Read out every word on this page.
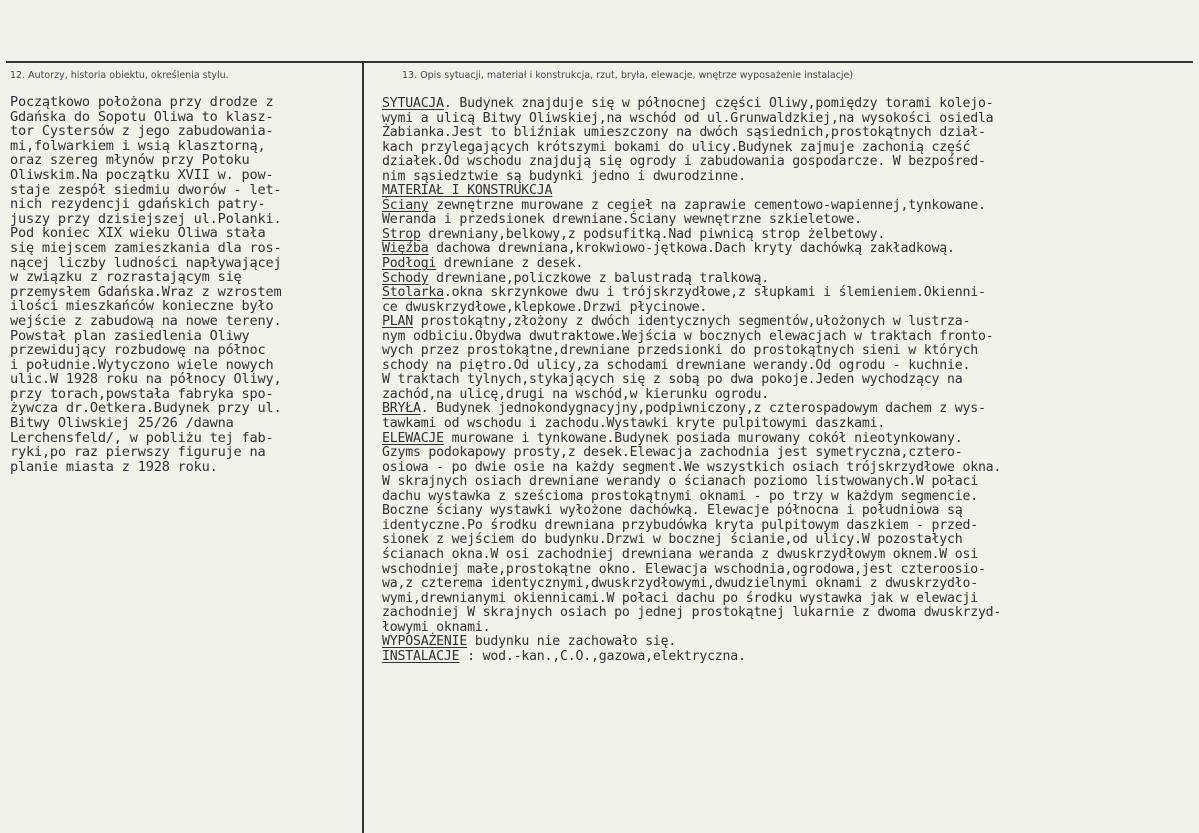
12. Autorzy, historia obiektu, określenia stylu.	13. Opis sytuacji, materiał i konstrukcja, rzut, bryła, elewacje, wnętrze wyposażenie instalacje)
Początkowo położona przy drodze z
Gdańska do Sopotu Oliwa to klasz-
tor Cystersów z jego zabudowania-
mi,folwarkiem i wsią klasztorną,
oraz szereg młynów przy Potoku
Oliwskim.Na początku XVII w. pow-
staje zespół siedmiu dworów - let-
nich rezydencji gdańskich patry-
juszy przy dzisiejszej ul.Polanki.
Pod koniec XIX wieku Oliwa stała
się miejscem zamieszkania dla ros-
nącej liczby ludności napływającej
w związku z rozrastającym się
przemysłem Gdańska.Wraz z wzrostem
ilości mieszkańców konieczne było
wejście z zabudową na nowe tereny.
Powstał plan zasiedlenia Oliwy
przewidujący rozbudowę na północ
i południe.Wytyczono wiele nowych
ulic.W 1928 roku na północy Oliwy,
przy torach,powstała fabryka spo-
żywcza dr.Oetkera.Budynek przy ul.
Bitwy Oliwskiej 25/26 /dawna
Lerchensfeld/, w pobliżu tej fab-
ryki,po raz pierwszy figuruje na
planie miasta z 1928 roku.
SYTUACJA. Budynek znajduje się w północnej części Oliwy,pomiędzy torami kolejo-
wymi a ulicą Bitwy Oliwskiej,na wschód od ul.Grunwaldzkiej,na wysokości osiedla
Żabianka.Jest to bliźniak umieszczony na dwóch sąsiednich,prostokątnych dział-
kach przylegających krótszymi bokami do ulicy.Budynek zajmuje zachonią część
działek.Od wschodu znajdują się ogrody i zabudowania gospodarcze. W bezpośred-
nim sąsiedztwie są budynki jedno i dwurodzinne.
MATERIAŁ I KONSTRUKCJA
Ściany zewnętrzne murowane z cegieł na zaprawie cementowo-wapiennej,tynkowane.
Weranda i przedsionek drewniane.Ściany wewnętrzne szkieletowe.
Strop drewniany,belkowy,z podsufitką.Nad piwnicą strop żelbetowy.
Więźba dachowa drewniana,krokwiowo-jętkowa.Dach kryty dachówką zakładkową.
Podłogi drewniane z desek.
Schody drewniane,policzkowe z balustradą tralkową.
Stolarka.okna skrzynkowe dwu i trójskrzydłowe,z słupkami i ślemieniem.Okienni-
ce dwuskrzydłowe,klepkowe.Drzwi płycinowe.
PLAN prostokątny,złożony z dwóch identycznych segmentów,ułożonych w lustrza-
nym odbiciu.Obydwa dwutraktowe.Wejścia w bocznych elewacjach w traktach fronto-
wych przez prostokątne,drewniane przedsionki do prostokątnych sieni w których
schody na piętro.Od ulicy,za schodami drewniane werandy.Od ogrodu - kuchnie.
W traktach tylnych,stykających się z sobą po dwa pokoje.Jeden wychodzący na
zachód,na ulicę,drugi na wschód,w kierunku ogrodu.
BRYŁA. Budynek jednokondygnacyjny,podpiwniczony,z czterospadowym dachem z wys-
tawkami od wschodu i zachodu.Wystawki kryte pulpitowymi daszkami.
ELEWACJE murowane i tynkowane.Budynek posiada murowany cokół nieotynkowany.
Gzyms podokapowy prosty,z desek.Elewacja zachodnia jest symetryczna,cztero-
osiowa - po dwie osie na każdy segment.We wszystkich osiach trójskrzydłowe okna.
W skrajnych osiach drewniane werandy o ścianach poziomo listwowanych.W połaci
dachu wystawka z sześcioma prostokątnymi oknami - po trzy w każdym segmencie.
Boczne ściany wystawki wyłożone dachówką. Elewacje północna i południowa są
identyczne.Po środku drewniana przybudówka kryta pulpitowym daszkiem - przed-
sionek z wejściem do budynku.Drzwi w bocznej ścianie,od ulicy.W pozostałych
ścianach okna.W osi zachodniej drewniana weranda z dwuskrzydłowym oknem.W osi
wschodniej małe,prostokątne okno. Elewacja wschodnia,ogrodowa,jest czteroosio-
wa,z czterema identycznymi,dwuskrzydłowymi,dwudzielnymi oknami z dwuskrzydło-
wymi,drewnianymi okiennicami.W połaci dachu po środku wystawka jak w elewacji
zachodniej W skrajnych osiach po jednej prostokątnej lukarnie z dwoma dwuskrzyd-
łowymi oknami.
WYPOSAŻENIE budynku nie zachowało się.
INSTALACJE : wod.-kan.,C.O.,gazowa,elektryczna.
